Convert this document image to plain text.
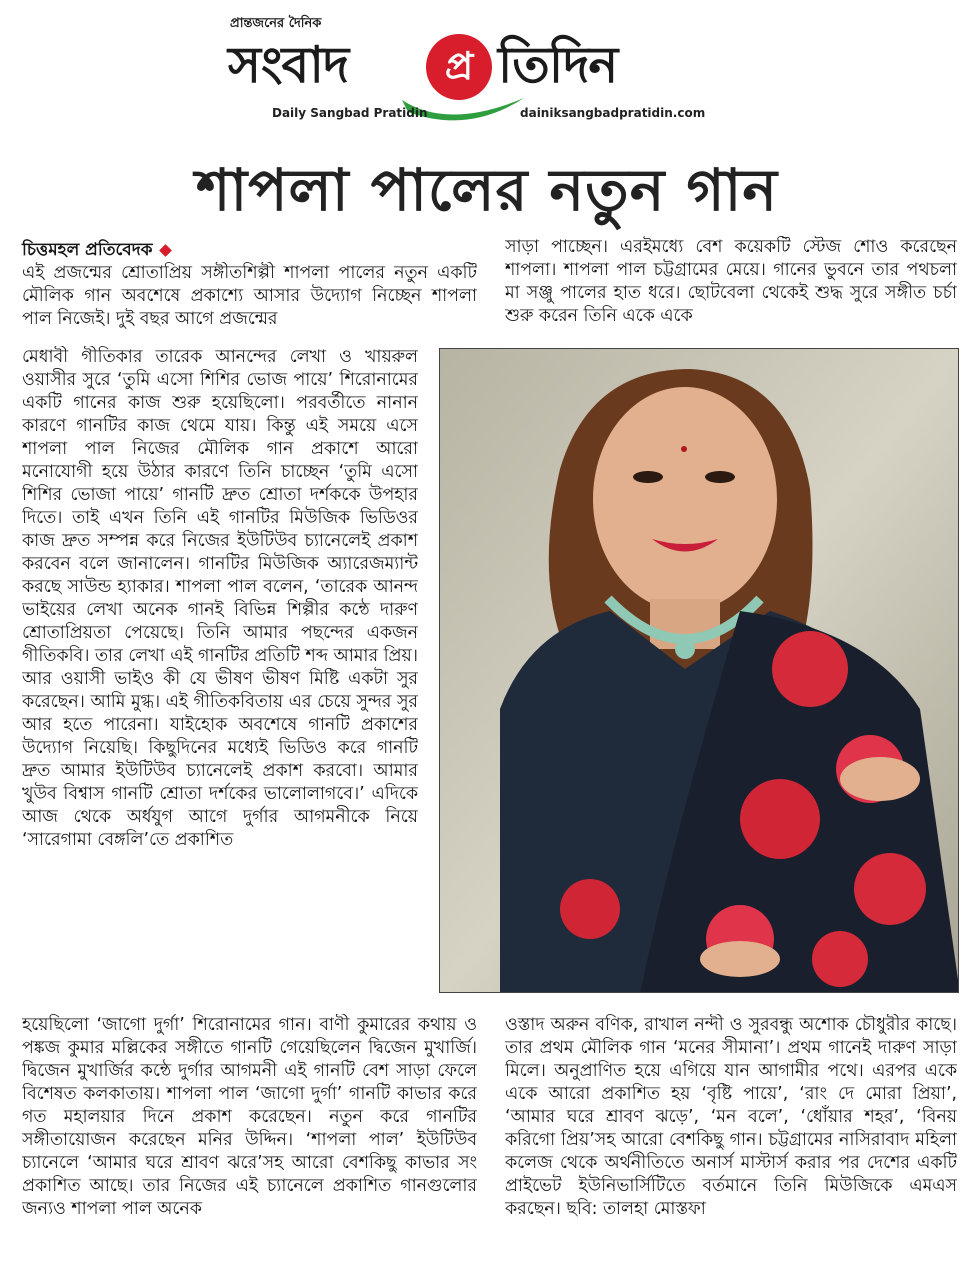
প্রান্তজনের দৈনিক
সংবাদ	প্র তিদিন
Daily Sangbad Pratidin	dainiksangbadpratidin.com
শাপলা পালের নতুন গান
চিত্তমহল প্রতিবেদক

এই প্রজন্মের শ্রোতাপ্রিয় সঙ্গীতশিল্পী শাপলা পালের নতুন একটি মৌলিক গান অবশেষে প্রকাশ্যে আসার উদ্যোগ নিচ্ছেন শাপলা পাল নিজেই। দুই বছর আগে প্রজন্মের

মেধাবী গীতিকার তারেক আনন্দের লেখা ও খায়রুল ওয়াসীর সুরে ‘তুমি এসো শিশির ভোজ পায়ে’ শিরোনামের একটি গানের কাজ শুরু হয়েছিলো। পরবর্তীতে নানান কারণে গানটির কাজ থেমে যায়। কিন্তু এই সময়ে এসে শাপলা পাল নিজের মৌলিক গান প্রকাশে আরো মনোযোগী হয়ে উঠার কারণে তিনি চাচ্ছেন ‘তুমি এসো শিশির ভোজা পায়ে’ গানটি দ্রুত শ্রোতা দর্শককে উপহার দিতে। তাই এখন তিনি এই গানটির মিউজিক ভিডিওর কাজ দ্রুত সম্পন্ন করে নিজের ইউটিউব চ্যানেলেই প্রকাশ করবেন বলে জানালেন। গানটির মিউজিক অ্যারেজম্যান্ট করছে সাউন্ড হ্যাকার। শাপলা পাল বলেন, ‘তারেক আনন্দ ভাইয়ের লেখা অনেক গানই বিভিন্ন শিল্পীর কন্ঠে দারুণ শ্রোতাপ্রিয়তা পেয়েছে। তিনি আমার পছন্দের একজন গীতিকবি। তার লেখা এই গানটির প্রতিটি শব্দ আমার প্রিয়। আর ওয়াসী ভাইও কী যে ভীষণ ভীষণ মিষ্টি একটা সুর করেছেন। আমি মুগ্ধ। এই গীতিকবিতায় এর চেয়ে সুন্দর সুর আর হতে পারেনা। যাইহোক অবশেষে গানটি প্রকাশের উদ্যোগ নিয়েছি। কিছুদিনের মধ্যেই ভিডিও করে গানটি দ্রুত আমার ইউটিউব চ্যানেলেই প্রকাশ করবো। আমার খুউব বিশ্বাস গানটি শ্রোতা দর্শকের ভালোলাগবে।’ এদিকে আজ থেকে অর্ধযুগ আগে দুর্গার আগমনীকে নিয়ে ‘সারেগামা বেঙ্গলি’তে প্রকাশিত

হয়েছিলো ‘জাগো দুর্গা’ শিরোনামের গান। বাণী কুমারের কথায় ও পঙ্কজ কুমার মল্লিকের সঙ্গীতে গানটি গেয়েছিলেন দ্বিজেন মুখার্জি। দ্বিজেন মুখার্জির কন্ঠে দুর্গার আগমনী এই গানটি বেশ সাড়া ফেলে বিশেষত কলকাতায়। শাপলা পাল ‘জাগো দুর্গা’ গানটি কাভার করে গত মহালয়ার দিনে প্রকাশ করেছেন। নতুন করে গানটির সঙ্গীতায়োজন করেছেন মনির উদ্দিন। ‘শাপলা পাল’ ইউটিউব চ্যানেলে ‘আমার ঘরে শ্রাবণ ঝরে’সহ আরো বেশকিছু কাভার সং প্রকাশিত আছে। তার নিজের এই চ্যানেলে প্রকাশিত গানগুলোর জন্যও শাপলা পাল অনেক

সাড়া পাচ্ছেন। এরইমধ্যে বেশ কয়েকটি স্টেজ শোও করেছেন শাপলা। শাপলা পাল চট্টগ্রামের মেয়ে। গানের ভুবনে তার পথচলা মা সঞ্জু পালের হাত ধরে। ছোটবেলা থেকেই শুদ্ধ সুরে সঙ্গীত চর্চা শুরু করেন তিনি একে একে

ওস্তাদ অরুন বণিক, রাখাল নন্দী ও সুরবন্ধু অশোক চৌধুরীর কাছে। তার প্রথম মৌলিক গান ‘মনের সীমানা’। প্রথম গানেই দারুণ সাড়া মিলে। অনুপ্রাণিত হয়ে এগিয়ে যান আগামীর পথে। এরপর একে একে আরো প্রকাশিত হয় ‘বৃষ্টি পায়ে’, ‘রাং দে মোরা প্রিয়া’, ‘আমার ঘরে শ্রাবণ ঝড়ে’, ‘মন বলে’, ‘ধোঁয়ার শহর’, ‘বিনয় করিগো প্রিয়’সহ আরো বেশকিছু গান। চট্টগ্রামের নাসিরাবাদ মহিলা কলেজ থেকে অর্থনীতিতে অনার্স মাস্টার্স করার পর দেশের একটি প্রাইভেট ইউনিভার্সিটিতে বর্তমানে তিনি মিউজিকে এমএস করছেন। ছবি: তালহা মোস্তফা
